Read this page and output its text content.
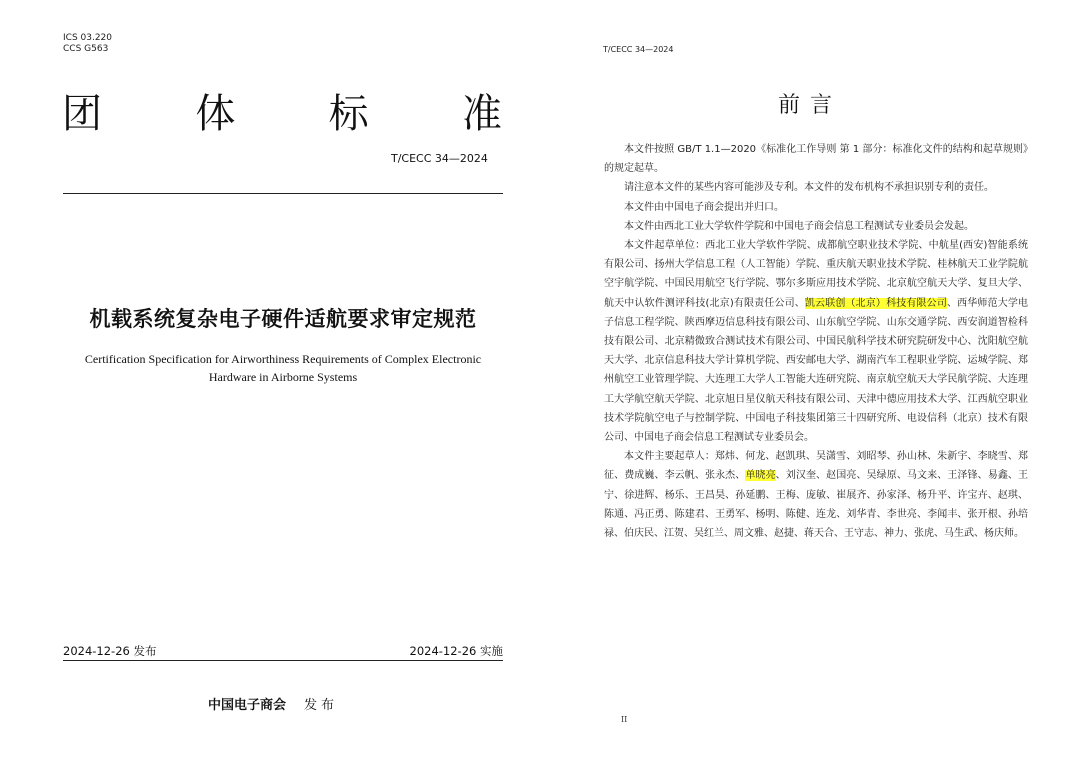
ICS 03.220
CCS G563
团 体 标 准
T/CECC 34—2024
机载系统复杂电子硬件适航要求审定规范
Certification Specification for Airworthiness Requirements of Complex Electronic Hardware in Airborne Systems
2024-12-26 发布	2024-12-26 实施
中国电子商会 发布
T/CECC 34—2024
前言

本文件按照 GB/T 1.1—2020《标准化工作导则 第 1 部分：标准化文件的结构和起草规则》的规定起草。

请注意本文件的某些内容可能涉及专利。本文件的发布机构不承担识别专利的责任。

本文件由中国电子商会提出并归口。

本文件由西北工业大学软件学院和中国电子商会信息工程测试专业委员会发起。

本文件起草单位：西北工业大学软件学院、成都航空职业技术学院、中航星(西安)智能系统有限公司、扬州大学信息工程（人工智能）学院、重庆航天职业技术学院、桂林航天工业学院航空宇航学院、中国民用航空飞行学院、鄂尔多斯应用技术学院、北京航空航天大学、复旦大学、航天中认软件测评科技(北京)有限责任公司、凯云联创（北京）科技有限公司、西华师范大学电子信息工程学院、陕西摩迈信息科技有限公司、山东航空学院、山东交通学院、西安润道智检科技有限公司、北京精微致合测试技术有限公司、中国民航科学技术研究院研发中心、沈阳航空航天大学、北京信息科技大学计算机学院、西安邮电大学、湖南汽车工程职业学院、运城学院、郑州航空工业管理学院、大连理工大学人工智能大连研究院、南京航空航天大学民航学院、大连理工大学航空航天学院、北京旭日星仪航天科技有限公司、天津中德应用技术大学、江西航空职业技术学院航空电子与控制学院、中国电子科技集团第三十四研究所、电设信科（北京）技术有限公司、中国电子商会信息工程测试专业委员会。

本文件主要起草人：郑炜、何龙、赵凯琪、吴潇雪、刘昭琴、孙山林、朱新宇、李晓雪、郑征、费成巍、李云帆、张永杰、单晓亮、刘汉奎、赵国亮、吴绿原、马文来、王泽锋、易鑫、王宁、徐进辉、杨乐、王昌昊、孙延鹏、王梅、庞敏、崔展齐、孙家泽、杨升平、许宝卉、赵琪、陈通、冯正勇、陈建君、王勇军、杨明、陈健、连龙、刘华青、李世亮、李闻丰、张开根、孙培禄、伯庆民、江贺、吴红兰、周文雅、赵捷、蒋天合、王守志、神力、张虎、马生武、杨庆师。

II
